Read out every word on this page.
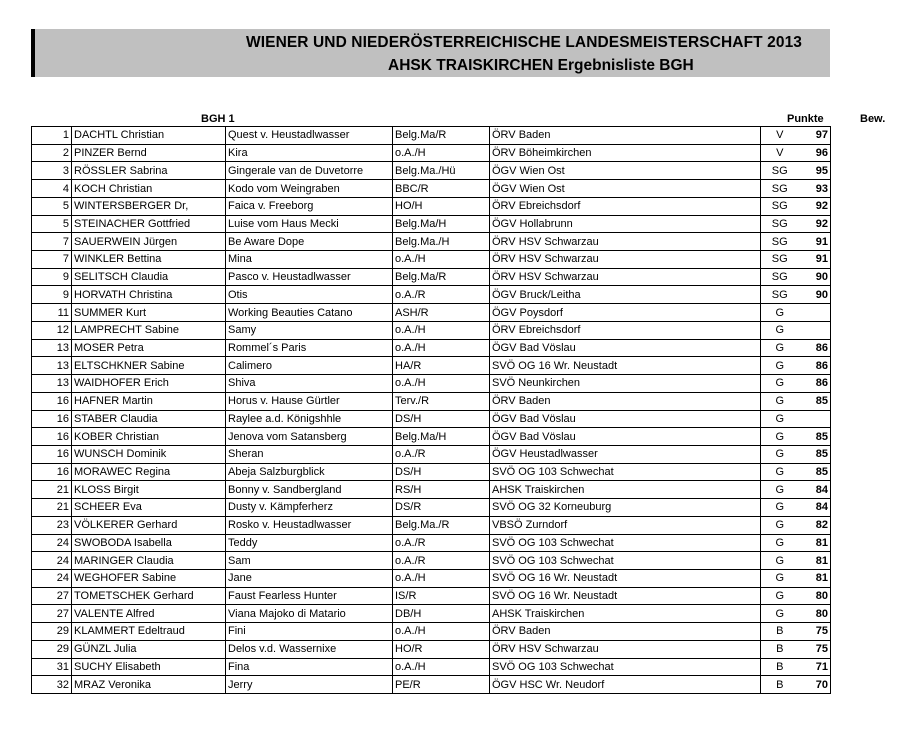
WIENER UND NIEDERÖSTERREICHISCHE LANDESMEISTERSCHAFT 2013
AHSK TRAISKIRCHEN Ergebnisliste BGH
BGH 1	Punkte	Bew.
1	DACHTL Christian	Quest v. Heustadlwasser	Belg.Ma/R	ÖRV Baden	V	97
2	PINZER Bernd	Kira	o.A./H	ÖRV Böheimkirchen	V	96
3	RÖSSLER Sabrina	Gingerale van de Duvetorre	Belg.Ma./Hü	ÖGV Wien Ost	SG	95
4	KOCH Christian	Kodo vom Weingraben	BBC/R	ÖGV Wien Ost	SG	93
5	WINTERSBERGER Dr,	Faica v. Freeborg	HO/H	ÖRV Ebreichsdorf	SG	92
5	STEINACHER Gottfried	Luise vom Haus Mecki	Belg.Ma/H	ÖGV Hollabrunn	SG	92
7	SAUERWEIN Jürgen	Be Aware Dope	Belg.Ma./H	ÖRV HSV Schwarzau	SG	91
7	WINKLER Bettina	Mina	o.A./H	ÖRV HSV Schwarzau	SG	91
9	SELITSCH Claudia	Pasco v. Heustadlwasser	Belg.Ma/R	ÖRV HSV Schwarzau	SG	90
9	HORVATH Christina	Otis	o.A./R	ÖGV Bruck/Leitha	SG	90
11	SUMMER Kurt	Working Beauties Catano	ASH/R	ÖGV Poysdorf	G	
12	LAMPRECHT Sabine	Samy	o.A./H	ÖRV Ebreichsdorf	G	
13	MOSER Petra	Rommel´s Paris	o.A./H	ÖGV Bad Vöslau	G	86
13	ELTSCHKNER Sabine	Calimero	HA/R	SVÖ OG 16 Wr. Neustadt	G	86
13	WAIDHOFER Erich	Shiva	o.A./H	SVÖ Neunkirchen	G	86
16	HAFNER Martin	Horus v. Hause Gürtler	Terv./R	ÖRV Baden	G	85
16	STABER Claudia	Raylee a.d. Königshhle	DS/H	ÖGV Bad Vöslau	G	
16	KOBER Christian	Jenova vom Satansberg	Belg.Ma/H	ÖGV Bad Vöslau	G	85
16	WUNSCH Dominik	Sheran	o.A./R	ÖGV Heustadlwasser	G	85
16	MORAWEC Regina	Abeja Salzburgblick	DS/H	SVÖ OG 103 Schwechat	G	85
21	KLOSS Birgit	Bonny v. Sandbergland	RS/H	AHSK Traiskirchen	G	84
21	SCHEER Eva	Dusty v. Kämpferherz	DS/R	SVÖ OG 32 Korneuburg	G	84
23	VÖLKERER Gerhard	Rosko v. Heustadlwasser	Belg.Ma./R	VBSÖ Zurndorf	G	82
24	SWOBODA Isabella	Teddy	o.A./R	SVÖ OG 103 Schwechat	G	81
24	MARINGER Claudia	Sam	o.A./R	SVÖ OG 103 Schwechat	G	81
24	WEGHOFER Sabine	Jane	o.A./H	SVÖ OG 16 Wr. Neustadt	G	81
27	TOMETSCHEK Gerhard	Faust Fearless Hunter	IS/R	SVÖ OG 16 Wr. Neustadt	G	80
27	VALENTE Alfred	Viana Majoko di Matario	DB/H	AHSK Traiskirchen	G	80
29	KLAMMERT Edeltraud	Fini	o.A./H	ÖRV Baden	B	75
29	GÜNZL Julia	Delos v.d. Wassernixe	HO/R	ÖRV HSV Schwarzau	B	75
31	SUCHY Elisabeth	Fina	o.A./H	SVÖ OG 103 Schwechat	B	71
32	MRAZ Veronika	Jerry	PE/R	ÖGV HSC Wr. Neudorf	B	70
